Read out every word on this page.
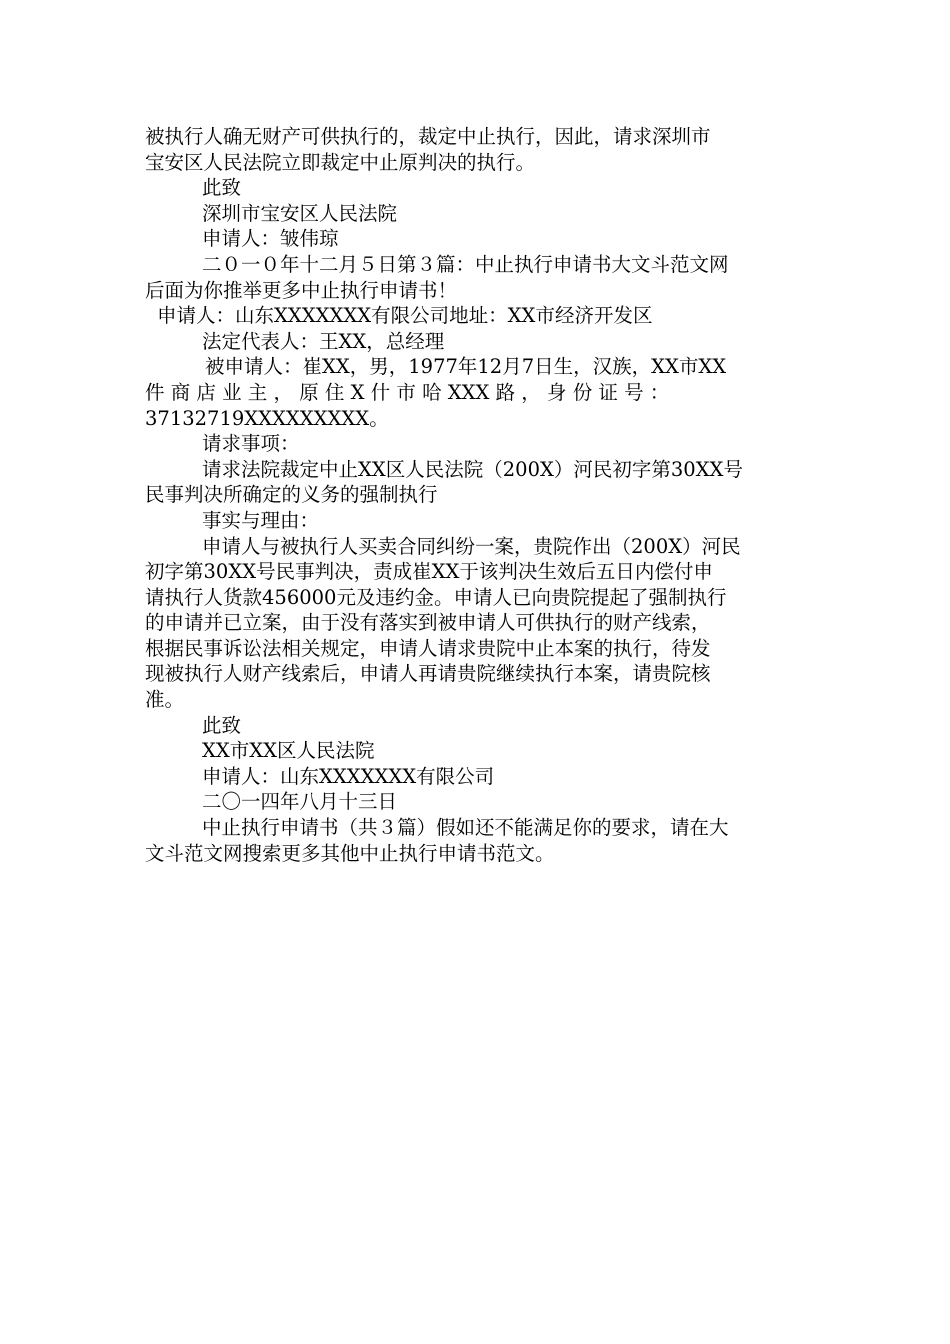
被执行人确无财产可供执行的，裁定中止执行，因此，请求深圳市
宝安区人民法院立即裁定中止原判决的执行。
此致
深圳市宝安区人民法院
申请人：皱伟琼
二０一０年十二月５日第３篇：中止执行申请书大文斗范文网
后面为你推举更多中止执行申请书！
申请人：山东XXXXXXX有限公司地址：XX市经济开发区
法定代表人：王XX，总经理
被申请人：崔XX，男，1977年12月7日生，汉族，XX市XX
件 商 店 业 主 ， 原 住 X 什 市 哈 XXX 路 ， 身 份 证 号 ：
37132719XXXXXXXXX。
请求事项：
请求法院裁定中止XX区人民法院（200X）河民初字第30XX号
民事判决所确定的义务的强制执行
事实与理由：
申请人与被执行人买卖合同纠纷一案，贵院作出（200X）河民
初字第30XX号民事判决，责成崔XX于该判决生效后五日内偿付申
请执行人货款456000元及违约金。申请人已向贵院提起了强制执行
的申请并已立案，由于没有落实到被申请人可供执行的财产线索，
根据民事诉讼法相关规定，申请人请求贵院中止本案的执行，待发
现被执行人财产线索后，申请人再请贵院继续执行本案，请贵院核
准。
此致
XX市XX区人民法院
申请人：山东XXXXXXX有限公司
二〇一四年八月十三日
中止执行申请书（共３篇）假如还不能满足你的要求，请在大
文斗范文网搜索更多其他中止执行申请书范文。
